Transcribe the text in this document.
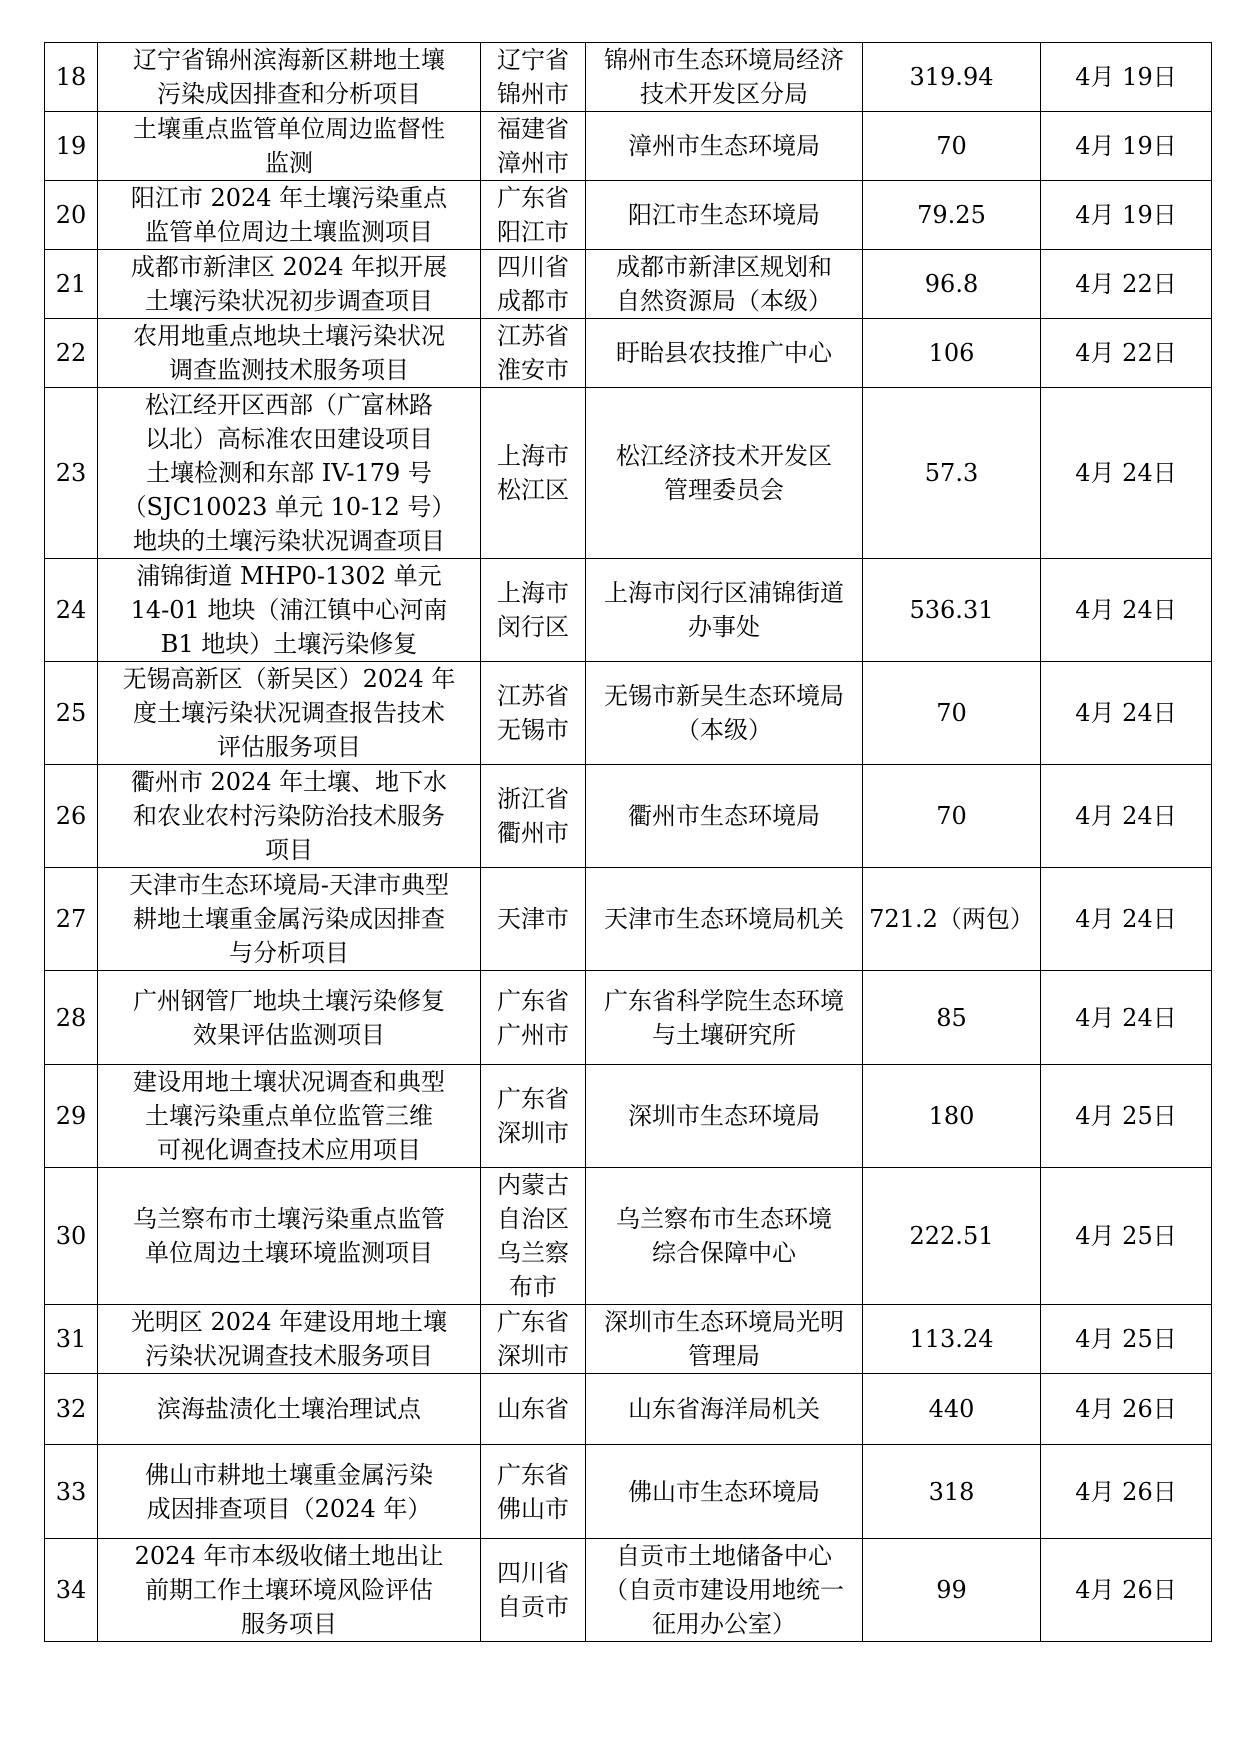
18	辽宁省锦州滨海新区耕地土壤
污染成因排查和分析项目	辽宁省
锦州市	锦州市生态环境局经济
技术开发区分局	319.94	4月 19日

19	土壤重点监管单位周边监督性
监测	福建省
漳州市	漳州市生态环境局	70	4月 19日

20	阳江市 2024 年土壤污染重点
监管单位周边土壤监测项目	广东省
阳江市	阳江市生态环境局	79.25	4月 19日

21	成都市新津区 2024 年拟开展
土壤污染状况初步调查项目	四川省
成都市	成都市新津区规划和
自然资源局（本级）	96.8	4月 22日

22	农用地重点地块土壤污染状况
调查监测技术服务项目	江苏省
淮安市	盱眙县农技推广中心	106	4月 22日

23	松江经开区西部（广富林路
以北）高标准农田建设项目
土壤检测和东部 IV-179 号
（SJC10023 单元 10-12 号）
地块的土壤污染状况调查项目	上海市
松江区	松江经济技术开发区
管理委员会	57.3	4月 24日

24	浦锦街道 MHP0-1302 单元
14-01 地块（浦江镇中心河南
B1 地块）土壤污染修复	上海市
闵行区	上海市闵行区浦锦街道
办事处	536.31	4月 24日

25	无锡高新区（新吴区）2024 年
度土壤污染状况调查报告技术
评估服务项目	江苏省
无锡市	无锡市新吴生态环境局
（本级）	70	4月 24日

26	衢州市 2024 年土壤、地下水
和农业农村污染防治技术服务
项目	浙江省
衢州市	衢州市生态环境局	70	4月 24日

27	天津市生态环境局-天津市典型
耕地土壤重金属污染成因排查
与分析项目	天津市	天津市生态环境局机关	721.2（两包）	4月 24日

28	广州钢管厂地块土壤污染修复
效果评估监测项目	广东省
广州市	广东省科学院生态环境
与土壤研究所	85	4月 24日

29	建设用地土壤状况调查和典型
土壤污染重点单位监管三维
可视化调查技术应用项目	广东省
深圳市	深圳市生态环境局	180	4月 25日

30	乌兰察布市土壤污染重点监管
单位周边土壤环境监测项目	内蒙古
自治区
乌兰察
布市	乌兰察布市生态环境
综合保障中心	222.51	4月 25日

31	光明区 2024 年建设用地土壤
污染状况调查技术服务项目	广东省
深圳市	深圳市生态环境局光明
管理局	113.24	4月 25日

32	滨海盐渍化土壤治理试点	山东省	山东省海洋局机关	440	4月 26日

33	佛山市耕地土壤重金属污染
成因排查项目（2024 年）	广东省
佛山市	佛山市生态环境局	318	4月 26日

34	2024 年市本级收储土地出让
前期工作土壤环境风险评估
服务项目	四川省
自贡市	自贡市土地储备中心
（自贡市建设用地统一
征用办公室）	99	4月 26日
